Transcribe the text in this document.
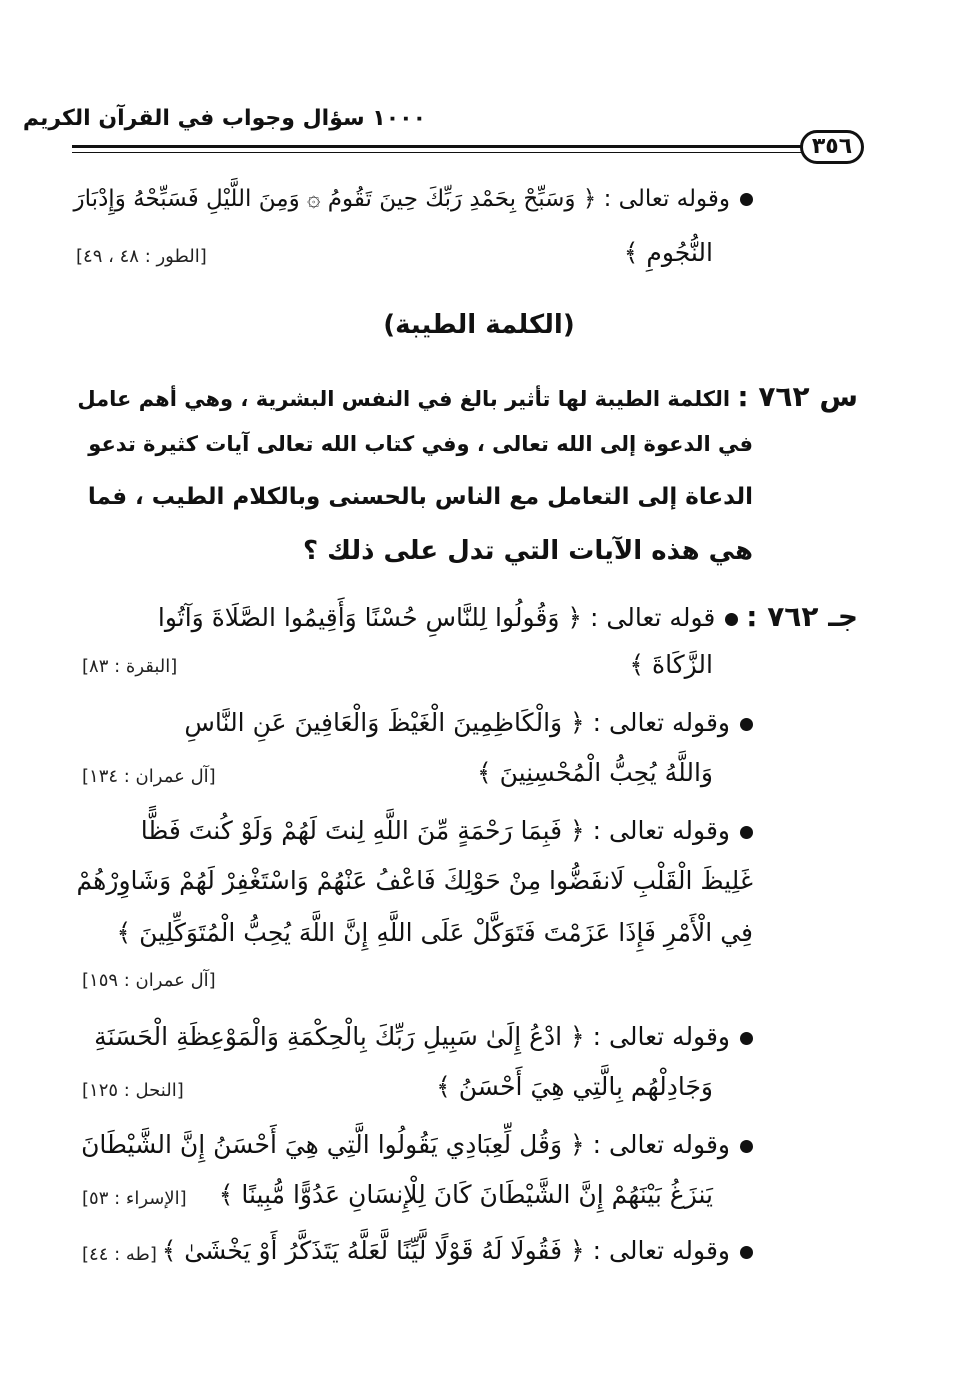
١٠٠٠ سؤال وجواب في القرآن الكريم
٣٥٦
وقوله تعالى : ﴿ وَسَبِّحْ بِحَمْدِ رَبِّكَ حِينَ تَقُومُ ۞ وَمِنَ اللَّيْلِ فَسَبِّحْهُ وَإِدْبَارَ
النُّجُومِ ﴾
[الطور : ٤٨ ، ٤٩]
(الكلمة الطيبة)
س ٧٦٢ : الكلمة الطيبة لها تأثير بالغ في النفس البشرية ، وهي أهم عامل
في الدعوة إلى الله تعالى ، وفي كتاب الله تعالى آيات كثيرة تدعو
الدعاة إلى التعامل مع الناس بالحسنى وبالكلام الطيب ، فما
هي هذه الآيات التي تدل على ذلك ؟
جـ ٧٦٢ : قوله تعالى : ﴿ وَقُولُوا لِلنَّاسِ حُسْنًا وَأَقِيمُوا الصَّلَاةَ وَآتُوا
الزَّكَاةَ ﴾
[البقرة : ٨٣]
وقوله تعالى : ﴿ وَالْكَاظِمِينَ الْغَيْظَ وَالْعَافِينَ عَنِ النَّاسِ
وَاللَّهُ يُحِبُّ الْمُحْسِنِينَ ﴾
[آل عمران : ١٣٤]
وقوله تعالى : ﴿ فَبِمَا رَحْمَةٍ مِّنَ اللَّهِ لِنتَ لَهُمْ وَلَوْ كُنتَ فَظًّا
غَلِيظَ الْقَلْبِ لَانفَضُّوا مِنْ حَوْلِكَ فَاعْفُ عَنْهُمْ وَاسْتَغْفِرْ لَهُمْ وَشَاوِرْهُمْ
فِي الْأَمْرِ فَإِذَا عَزَمْتَ فَتَوَكَّلْ عَلَى اللَّهِ إِنَّ اللَّهَ يُحِبُّ الْمُتَوَكِّلِينَ ﴾
[آل عمران : ١٥٩]
وقوله تعالى : ﴿ ادْعُ إِلَىٰ سَبِيلِ رَبِّكَ بِالْحِكْمَةِ وَالْمَوْعِظَةِ الْحَسَنَةِ
وَجَادِلْهُم بِالَّتِي هِيَ أَحْسَنُ ﴾
[النحل : ١٢٥]
وقوله تعالى : ﴿ وَقُل لِّعِبَادِي يَقُولُوا الَّتِي هِيَ أَحْسَنُ إِنَّ الشَّيْطَانَ
يَنزَغُ بَيْنَهُمْ إِنَّ الشَّيْطَانَ كَانَ لِلْإِنسَانِ عَدُوًّا مُّبِينًا ﴾
[الإسراء : ٥٣]
وقوله تعالى : ﴿ فَقُولَا لَهُ قَوْلًا لَّيِّنًا لَّعَلَّهُ يَتَذَكَّرُ أَوْ يَخْشَىٰ ﴾
[طه : ٤٤]
